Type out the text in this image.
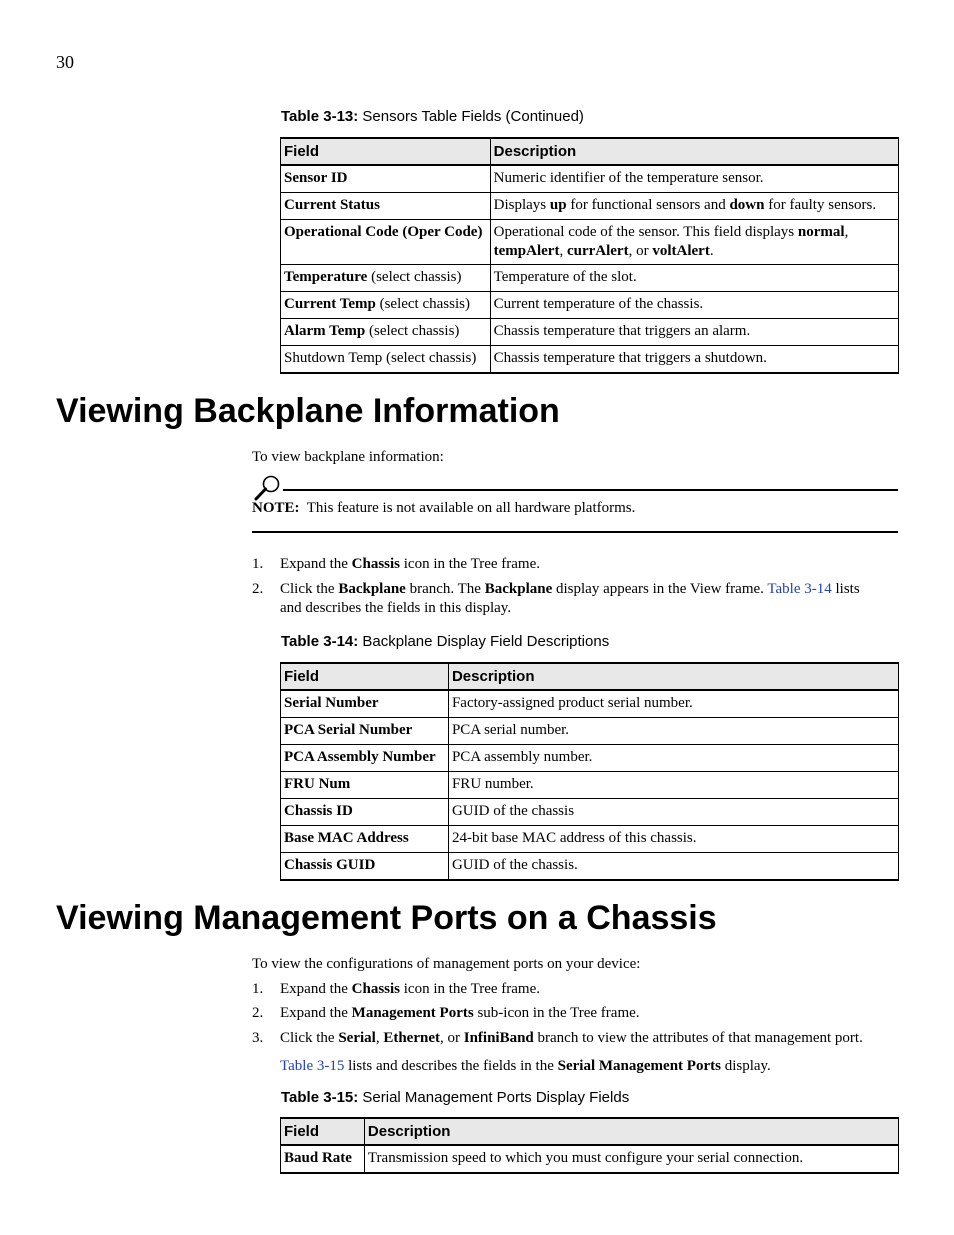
30
Table 3-13: Sensors Table Fields (Continued)
Field	Description
Sensor ID	Numeric identifier of the temperature sensor.
Current Status	Displays up for functional sensors and down for faulty sensors.
Operational Code (Oper Code)	Operational code of the sensor. This field displays normal, tempAlert, currAlert, or voltAlert.
Temperature (select chassis)	Temperature of the slot.
Current Temp (select chassis)	Current temperature of the chassis.
Alarm Temp (select chassis)	Chassis temperature that triggers an alarm.
Shutdown Temp (select chassis)	Chassis temperature that triggers a shutdown.
Viewing Backplane Information
To view backplane information:
NOTE:  This feature is not available on all hardware platforms.
1. Expand the Chassis icon in the Tree frame.
2. Click the Backplane branch. The Backplane display appears in the View frame. Table 3-14 lists
and describes the fields in this display.
Table 3-14: Backplane Display Field Descriptions
Field	Description
Serial Number	Factory-assigned product serial number.
PCA Serial Number	PCA serial number.
PCA Assembly Number	PCA assembly number.
FRU Num	FRU number.
Chassis ID	GUID of the chassis
Base MAC Address	24-bit base MAC address of this chassis.
Chassis GUID	GUID of the chassis.
Viewing Management Ports on a Chassis
To view the configurations of management ports on your device:
1. Expand the Chassis icon in the Tree frame.
2. Expand the Management Ports sub-icon in the Tree frame.
3. Click the Serial, Ethernet, or InfiniBand branch to view the attributes of that management port.
Table 3-15 lists and describes the fields in the Serial Management Ports display.
Table 3-15: Serial Management Ports Display Fields
Field	Description
Baud Rate	Transmission speed to which you must configure your serial connection.
